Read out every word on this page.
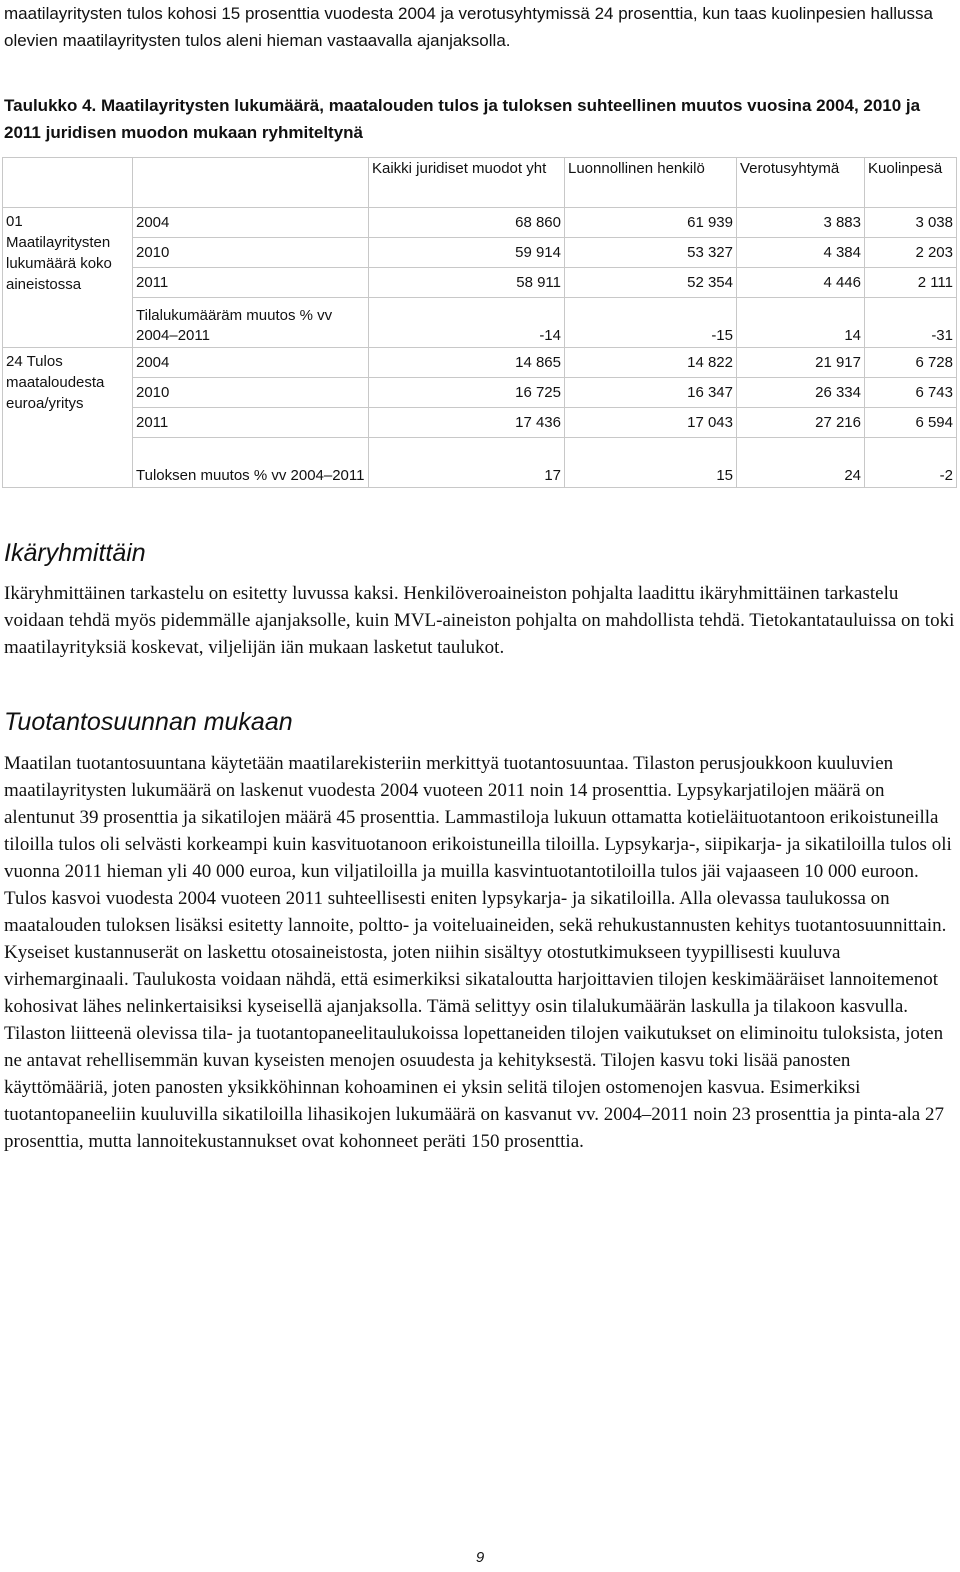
maatilayritysten tulos kohosi 15 prosenttia vuodesta 2004 ja verotusyhtymissä 24 prosenttia, kun taas kuolinpesien hallussa olevien maatilayritysten tulos aleni hieman vastaavalla ajanjaksolla.

Taulukko 4. Maatilayritysten lukumäärä, maatalouden tulos ja tuloksen suhteellinen muutos vuosina 2004, 2010 ja 2011 juridisen muodon mukaan ryhmiteltynä

		Kaikki juridiset muodot yht	Luonnollinen henkilö	Verotusyhtymä	Kuolinpesä
01 Maatilayritysten lukumäärä koko aineistossa	2004	68 860	61 939	3 883	3 038
	2010	59 914	53 327	4 384	2 203
	2011	58 911	52 354	4 446	2 111
	Tilalukumääräm muutos % vv 2004–2011	-14	-15	14	-31
24 Tulos maataloudesta euroa/yritys	2004	14 865	14 822	21 917	6 728
	2010	16 725	16 347	26 334	6 743
	2011	17 436	17 043	27 216	6 594
	Tuloksen muutos % vv 2004–2011	17	15	24	-2
Ikäryhmittäin

Ikäryhmittäinen tarkastelu on esitetty luvussa kaksi. Henkilöveroaineiston pohjalta laadittu ikäryhmittäinen tarkastelu voidaan tehdä myös pidemmälle ajanjaksolle, kuin MVL-aineiston pohjalta on mahdollista tehdä. Tietokantatauluissa on toki maatilayrityksiä koskevat, viljelijän iän mukaan lasketut taulukot.

Tuotantosuunnan mukaan

Maatilan tuotantosuuntana käytetään maatilarekisteriin merkittyä tuotantosuuntaa. Tilaston perusjoukkoon kuuluvien maatilayritysten lukumäärä on laskenut vuodesta 2004 vuoteen 2011 noin 14 prosenttia. Lypsykarjatilojen määrä on alentunut 39 prosenttia ja sikatilojen määrä 45 prosenttia. Lammastiloja lukuun ottamatta kotieläituotantoon erikoistuneilla tiloilla tulos oli selvästi korkeampi kuin kasvituotanoon erikoistuneilla tiloilla. Lypsykarja-, siipikarja- ja sikatiloilla tulos oli vuonna 2011 hieman yli 40 000 euroa, kun viljatiloilla ja muilla kasvintuotantotiloilla tulos jäi vajaaseen 10 000 euroon. Tulos kasvoi vuodesta 2004 vuoteen 2011 suhteellisesti eniten lypsykarja- ja sikatiloilla. Alla olevassa taulukossa on maatalouden tuloksen lisäksi esitetty lannoite, poltto- ja voiteluaineiden, sekä rehukustannusten kehitys tuotantosuunnittain. Kyseiset kustannuserät on laskettu otosaineistosta, joten niihin sisältyy otostutkimukseen tyypillisesti kuuluva virhemarginaali. Taulukosta voidaan nähdä, että esimerkiksi sikataloutta harjoittavien tilojen keskimääräiset lannoitemenot kohosivat lähes nelinkertaisiksi kyseisellä ajanjaksolla. Tämä selittyy osin tilalukumäärän laskulla ja tilakoon kasvulla. Tilaston liitteenä olevissa tila- ja tuotantopaneelitaulukoissa lopettaneiden tilojen vaikutukset on eliminoitu tuloksista, joten ne antavat rehellisemmän kuvan kyseisten menojen osuudesta ja kehityksestä. Tilojen kasvu toki lisää panosten käyttömääriä, joten panosten yksikköhinnan kohoaminen ei yksin selitä tilojen ostomenojen kasvua. Esimerkiksi tuotantopaneeliin kuuluvilla sikatiloilla lihasikojen lukumäärä on kasvanut vv. 2004–2011 noin 23 prosenttia ja pinta-ala 27 prosenttia, mutta lannoitekustannukset ovat kohonneet peräti 150 prosenttia.

9
